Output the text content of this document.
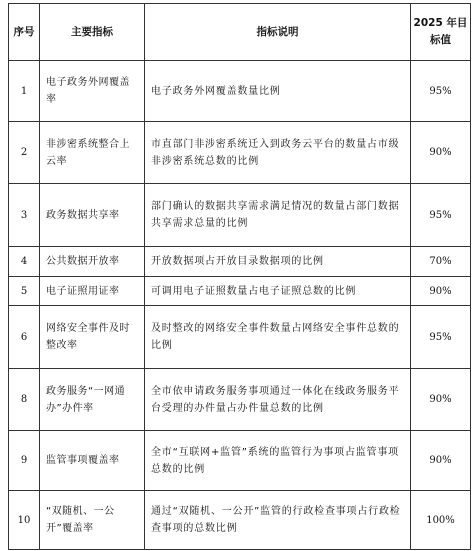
序号	主要指标	指标说明	2025 年目标值
1	电子政务外网覆盖率	电子政务外网覆盖数量比例	95%
2	非涉密系统整合上云率	市直部门非涉密系统迁入到政务云平台的数量占市级非涉密系统总数的比例	90%
3	政务数据共享率	部门确认的数据共享需求满足情况的数量占部门数据共享需求总量的比例	95%
4	公共数据开放率	开放数据项占开放目录数据项的比例	70%
5	电子证照用证率	可调用电子证照数量占电子证照总数的比例	90%
6	网络安全事件及时整改率	及时整改的网络安全事件数量占网络安全事件总数的比例	95%
8	政务服务“一网通办”办件率	全市依申请政务服务事项通过一体化在线政务服务平台受理的办件量占办件量总数的比例	90%
9	监管事项覆盖率	全市“互联网+监管”系统的监管行为事项占监管事项总数的比例	90%
10	“双随机、一公开”覆盖率	通过“双随机、一公开”监管的行政检查事项占行政检查事项的总数比例	100%
